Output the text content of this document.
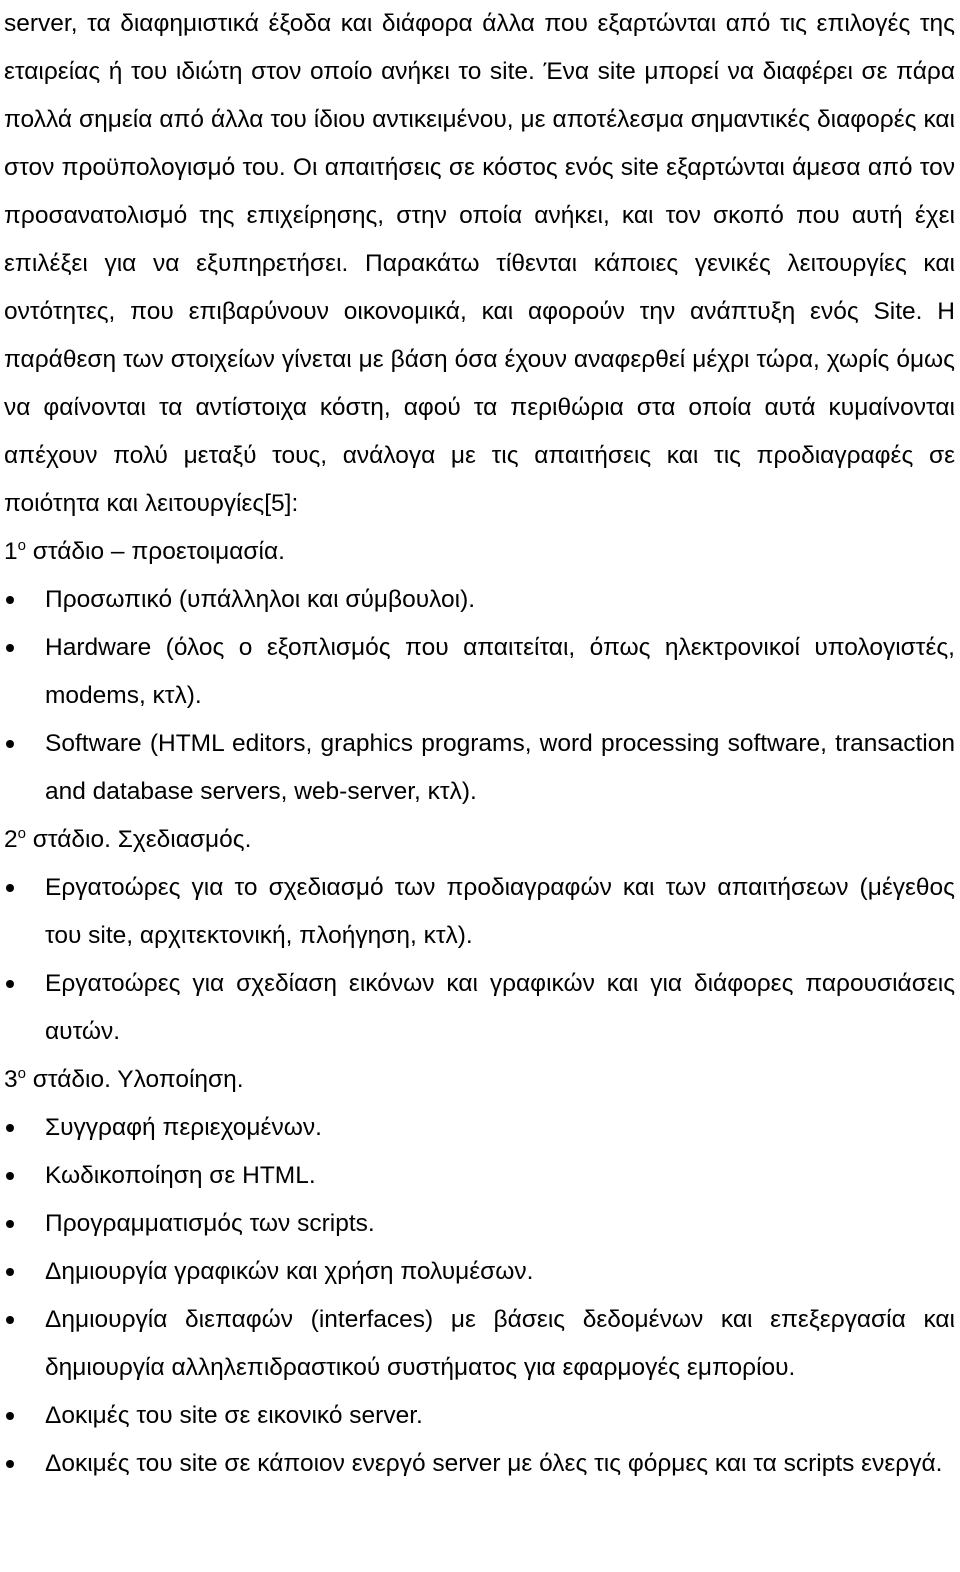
server, τα διαφημιστικά έξοδα και διάφορα άλλα που εξαρτώνται από τις επιλογές της εταιρείας ή του ιδιώτη στον οποίο ανήκει το site. Ένα site μπορεί να διαφέρει σε πάρα πολλά σημεία από άλλα του ίδιου αντικειμένου, με αποτέλεσμα σημαντικές διαφορές και στον προϋπολογισμό του. Οι απαιτήσεις σε κόστος ενός site εξαρτώνται άμεσα από τον προσανατολισμό της επιχείρησης, στην οποία ανήκει, και τον σκοπό που αυτή έχει επιλέξει για να εξυπηρετήσει. Παρακάτω τίθενται κάποιες γενικές λειτουργίες και οντότητες, που επιβαρύνουν οικονομικά, και αφορούν την ανάπτυξη ενός Site. Η παράθεση των στοιχείων γίνεται με βάση όσα έχουν αναφερθεί μέχρι τώρα, χωρίς όμως να φαίνονται τα αντίστοιχα κόστη, αφού τα περιθώρια στα οποία αυτά κυμαίνονται απέχουν πολύ μεταξύ τους, ανάλογα με τις απαιτήσεις και τις προδιαγραφές σε ποιότητα και λειτουργίες[5]:

$1^o$ στάδιο – προετοιμασία.

Προσωπικό (υπάλληλοι και σύμβουλοι).
Hardware (όλος ο εξοπλισμός που απαιτείται, όπως ηλεκτρονικοί υπολογιστές, modems, κτλ).
Software (HTML editors, graphics programs, word processing software, transaction and database servers, web-server, κτλ).

$2^o$ στάδιο. Σχεδιασμός.

Εργατοώρες για το σχεδιασμό των προδιαγραφών και των απαιτήσεων (μέγεθος του site, αρχιτεκτονική, πλοήγηση, κτλ).
Εργατοώρες για σχεδίαση εικόνων και γραφικών και για διάφορες παρουσιάσεις αυτών.

$3^o$ στάδιο. Υλοποίηση.

Συγγραφή περιεχομένων.
Κωδικοποίηση σε HTML.
Προγραμματισμός των scripts.
Δημιουργία γραφικών και χρήση πολυμέσων.
Δημιουργία διεπαφών (interfaces) με βάσεις δεδομένων και επεξεργασία και δημιουργία αλληλεπιδραστικού συστήματος για εφαρμογές εμπορίου.
Δοκιμές του site σε εικονικό server.
Δοκιμές του site σε κάποιον ενεργό server με όλες τις φόρμες και τα scripts ενεργά.
